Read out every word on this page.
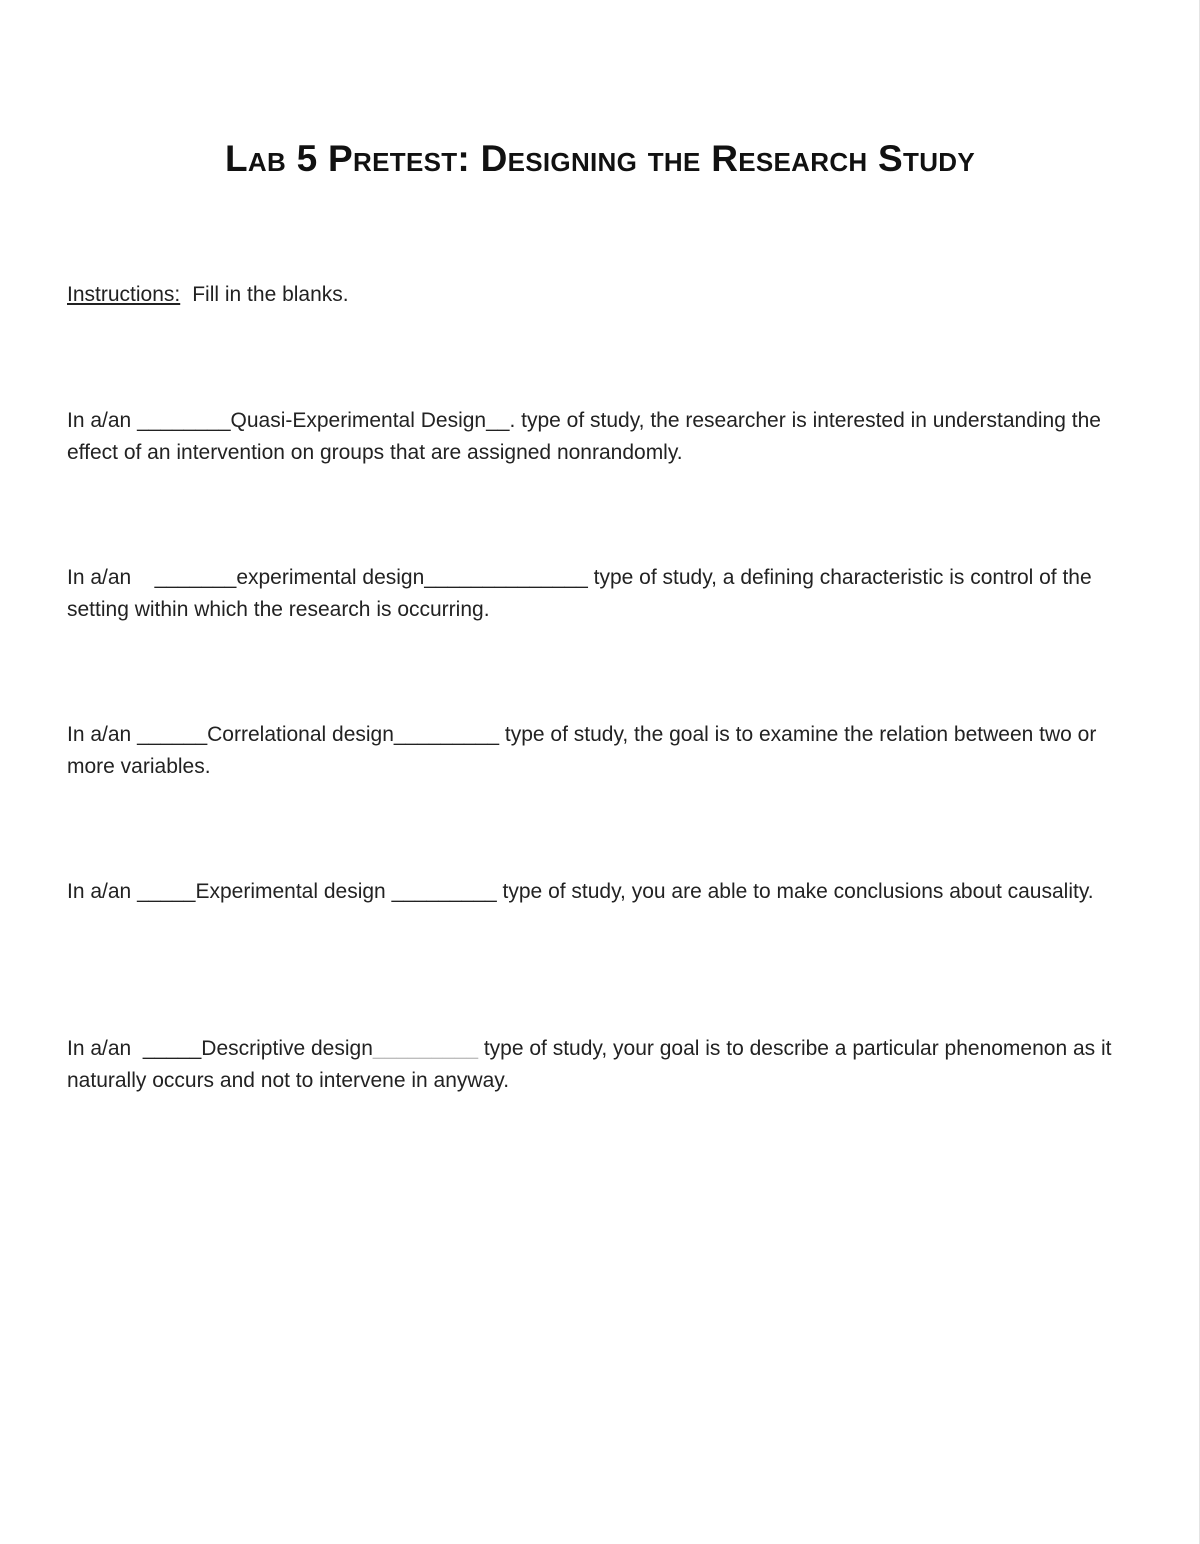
Lab 5 Pretest: Designing the Research Study

Instructions: Fill in the blanks.

In a/an ________Quasi-Experimental Design__. type of study, the researcher is interested in understanding the effect of an intervention on groups that are assigned nonrandomly.

In a/an    _______experimental design______________ type of study, a defining characteristic is control of the setting within which the research is occurring.

In a/an ______Correlational design_________ type of study, the goal is to examine the relation between two or more variables.

In a/an _____Experimental design _________ type of study, you are able to make conclusions about causality.

In a/an  _____Descriptive design_________ type of study, your goal is to describe a particular phenomenon as it naturally occurs and not to intervene in anyway.
